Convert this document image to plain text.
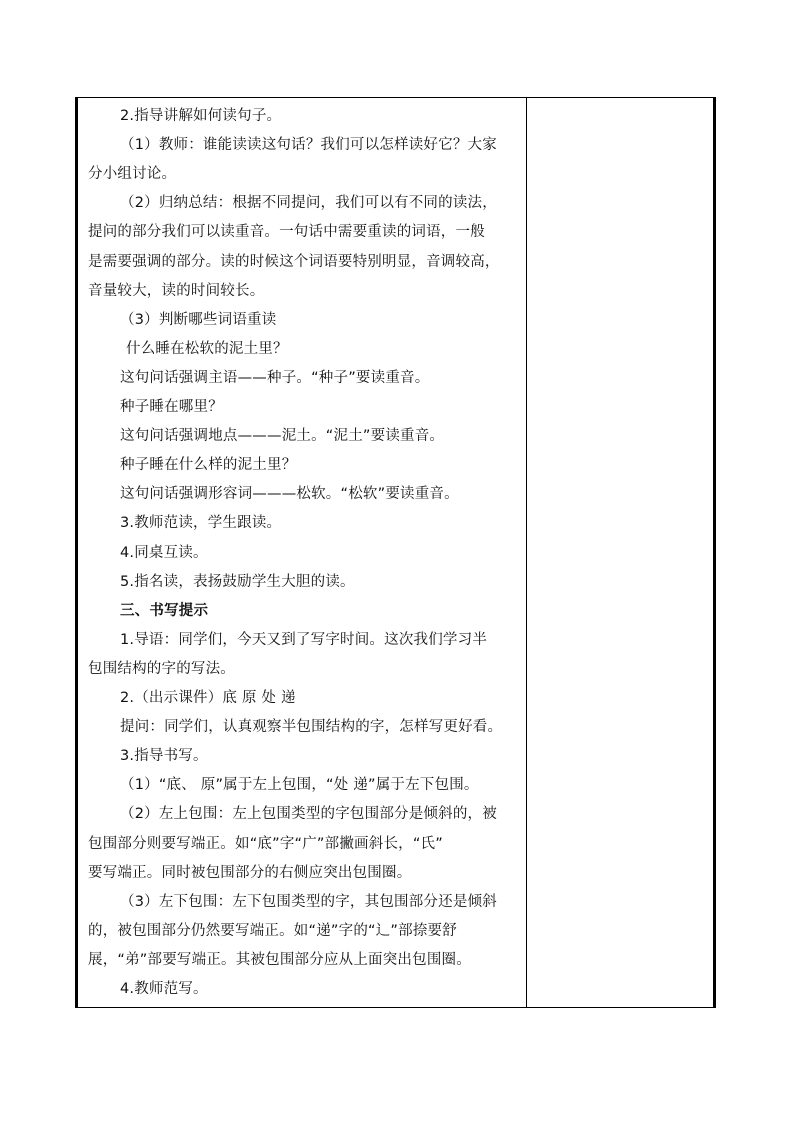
2.指导讲解如何读句子。
（1）教师：谁能读读这句话？我们可以怎样读好它？大家
分小组讨论。
（2）归纳总结：根据不同提问，我们可以有不同的读法，
提问的部分我们可以读重音。一句话中需要重读的词语，一般
是需要强调的部分。读的时候这个词语要特别明显，音调较高，
音量较大，读的时间较长。
（3）判断哪些词语重读
什么睡在松软的泥土里？
这句问话强调主语——种子。“种子”要读重音。
种子睡在哪里？
这句问话强调地点———泥土。“泥土”要读重音。
种子睡在什么样的泥土里？
这句问话强调形容词———松软。“松软”要读重音。
3.教师范读，学生跟读。
4.同桌互读。
5.指名读，表扬鼓励学生大胆的读。
三、书写提示
1.导语：同学们，今天又到了写字时间。这次我们学习半
包围结构的字的写法。
2.（出示课件）底 原 处 递
提问：同学们，认真观察半包围结构的字，怎样写更好看。
3.指导书写。
（1）“底、 原”属于左上包围，“处 递”属于左下包围。
（2）左上包围：左上包围类型的字包围部分是倾斜的，被
包围部分则要写端正。如“底”字“广”部撇画斜长，“氏”
要写端正。同时被包围部分的右侧应突出包围圈。
（3）左下包围：左下包围类型的字，其包围部分还是倾斜
的，被包围部分仍然要写端正。如“递”字的“辶”部捺要舒
展，“弟”部要写端正。其被包围部分应从上面突出包围圈。
4.教师范写。
